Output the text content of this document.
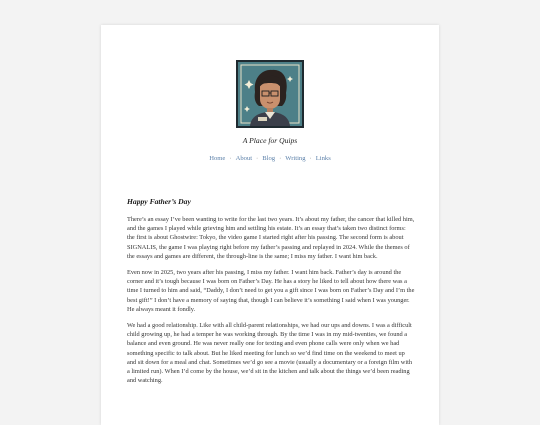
A Place for Quips
Home · About · Blog · Writing · Links
Happy Father’s Day

There’s an essay I’ve been wanting to write for the last two years. It’s about my father, the cancer that killed him, and the games I played while grieving him and settling his estate. It’s an essay that’s taken two distinct forms: the first is about Ghostwire: Tokyo, the video game I started right after his passing. The second form is about SIGNALIS, the game I was playing right before my father’s passing and replayed in 2024. While the themes of the essays and games are different, the through-line is the same; I miss my father. I want him back.

Even now in 2025, two years after his passing, I miss my father. I want him back. Father’s day is around the corner and it’s tough because I was born on Father’s Day. He has a story he liked to tell about how there was a time I turned to him and said, “Daddy, I don’t need to get you a gift since I was born on Father’s Day and I’m the best gift!” I don’t have a memory of saying that, though I can believe it’s something I said when I was younger. He always meant it fondly.

We had a good relationship. Like with all child-parent relationships, we had our ups and downs. I was a difficult child growing up, he had a temper he was working through. By the time I was in my mid-twenties, we found a balance and even ground. He was never really one for texting and even phone calls were only when we had something specific to talk about. But he liked meeting for lunch so we’d find time on the weekend to meet up and sit down for a meal and chat. Sometimes we’d go see a movie (usually a documentary or a foreign film with a limited run). When I’d come by the house, we’d sit in the kitchen and talk about the things we’d been reading and watching.
